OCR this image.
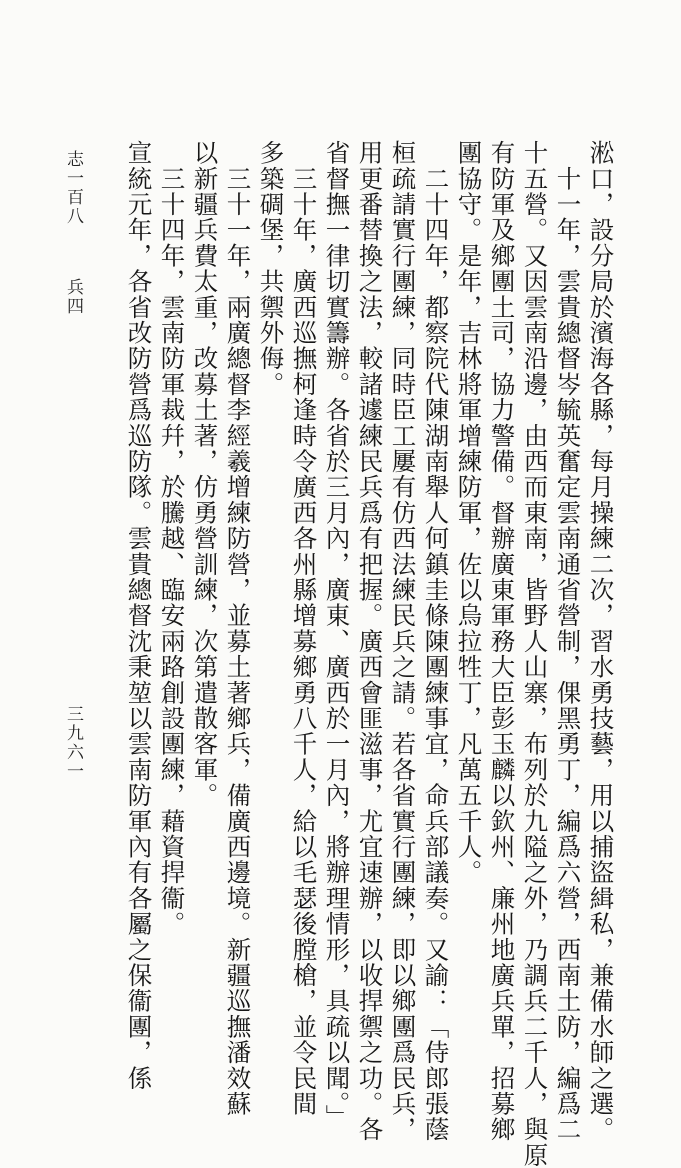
淞口，設分局於濱海各縣，每月操練二次，習水勇技藝，用以捕盜緝私，兼備水師之選。
　十一年，雲貴總督岑毓英奮定雲南通省營制，倮黑勇丁，編爲六營，西南土防，編爲二
十五營。又因雲南沿邊，由西而東南，皆野人山寨，布列於九隘之外，乃調兵二千人，與原
有防軍及鄉團土司，協力警備。督辦廣東軍務大臣彭玉麟以欽州、廉州地廣兵單，招募鄉
團協守。是年，吉林將軍增練防軍，佐以烏拉牲丁，凡萬五千人。
　二十四年，都察院代陳湖南舉人何鎮圭條陳團練事宜，命兵部議奏。又諭：「侍郎張蔭
桓疏請實行團練，同時臣工屢有仿西法練民兵之請。若各省實行團練，即以鄉團爲民兵，
用更番替換之法，較諸遽練民兵爲有把握。廣西會匪滋事，尤宜速辦，以收捍禦之功。各
省督撫一律切實籌辦。各省於三月內，廣東、廣西於一月內，將辦理情形，具疏以聞。」
　三十年，廣西巡撫柯逢時令廣西各州縣增募鄉勇八千人，給以毛瑟後膛槍，並令民間
多築碉堡，共禦外侮。
　三十一年，兩廣總督李經羲增練防營，並募土著鄉兵，備廣西邊境。新疆巡撫潘效蘇
以新疆兵費太重，改募土著，仿勇營訓練，次第遣散客軍。
　三十四年，雲南防軍裁幷，於騰越、臨安兩路創設團練，藉資捍衞。
宣統元年，各省改防營爲巡防隊。雲貴總督沈秉堃以雲南防軍內有各屬之保衞團，係
志一百八
兵四
三九六一
